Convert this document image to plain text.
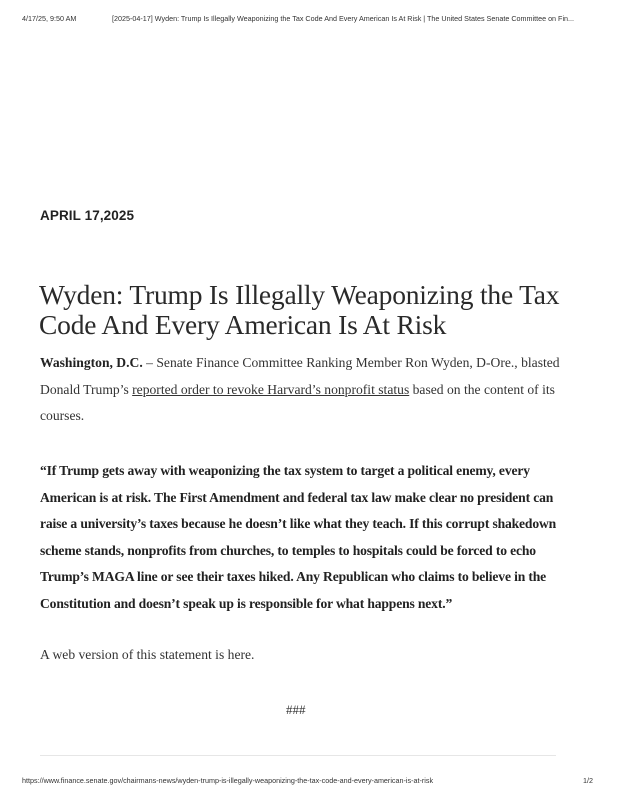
4/17/25, 9:50 AM	[2025-04-17] Wyden: Trump Is Illegally Weaponizing the Tax Code And Every American Is At Risk | The United States Senate Committee on Fin...
APRIL 17,2025
Wyden: Trump Is Illegally Weaponizing the Tax Code And Every American Is At Risk

Washington, D.C. – Senate Finance Committee Ranking Member Ron Wyden, D-Ore., blasted Donald Trump’s reported order to revoke Harvard’s nonprofit status based on the content of its courses.

“If Trump gets away with weaponizing the tax system to target a political enemy, every American is at risk. The First Amendment and federal tax law make clear no president can raise a university’s taxes because he doesn’t like what they teach. If this corrupt shakedown scheme stands, nonprofits from churches, to temples to hospitals could be forced to echo Trump’s MAGA line or see their taxes hiked. Any Republican who claims to believe in the Constitution and doesn’t speak up is responsible for what happens next.”

A web version of this statement is here.

###
https://www.finance.senate.gov/chairmans-news/wyden-trump-is-illegally-weaponizing-the-tax-code-and-every-american-is-at-risk	1/2
